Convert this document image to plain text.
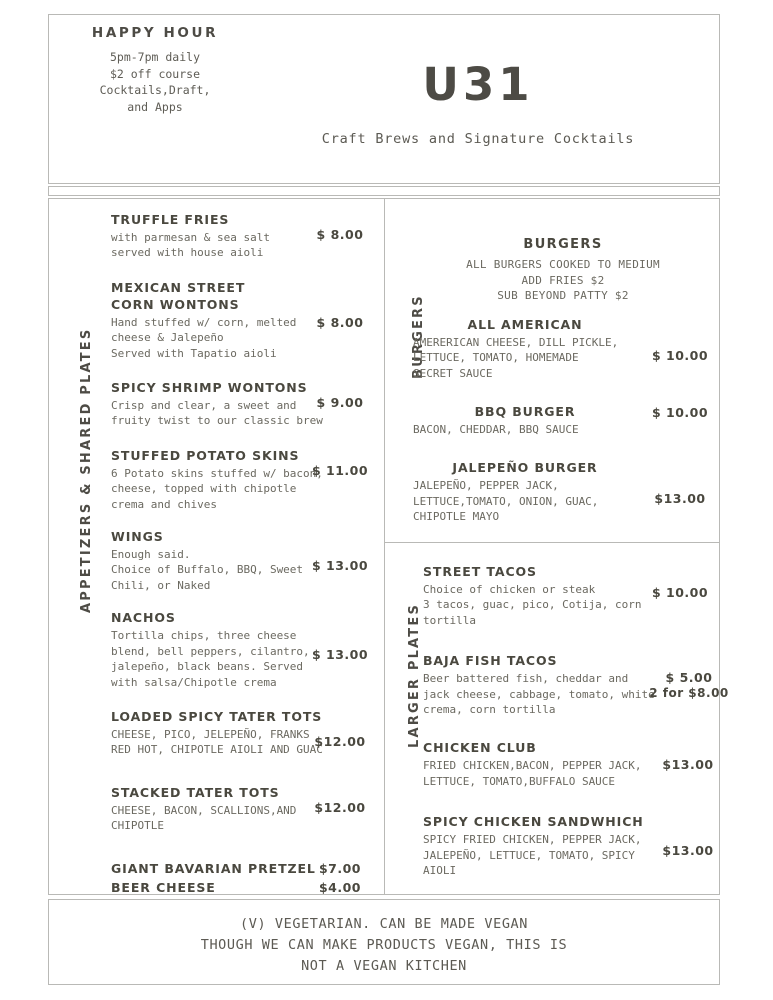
HAPPY HOUR
5pm-7pm daily
$2 off course
Cocktails,Draft,
and Apps	U31
Craft Brews and Signature Cocktails
APPETIZERS & SHARED PLATES
TRUFFLE FRIES
with parmesan & sea salt
served with house aioli
$ 8.00
MEXICAN STREET
CORN WONTONS
Hand stuffed w/ corn, melted
cheese & Jalepeño
Served with Tapatio aioli
$ 8.00
SPICY SHRIMP WONTONS
Crisp and clear, a sweet and
fruity twist to our classic brew
$ 9.00
STUFFED POTATO SKINS
6 Potato skins stuffed w/ bacon,
cheese, topped with chipotle
crema and chives
$ 11.00
WINGS
Enough said.
Choice of Buffalo, BBQ, Sweet
Chili, or Naked
$ 13.00
NACHOS
Tortilla chips, three cheese
blend, bell peppers, cilantro,
jalepeño, black beans. Served
with salsa/Chipotle crema
$ 13.00
LOADED SPICY TATER TOTS
CHEESE, PICO, JELEPEÑO, FRANKS
RED HOT, CHIPOTLE AIOLI AND GUAC
$12.00
STACKED TATER TOTS
CHEESE, BACON, SCALLIONS,AND
CHIPOTLE
$12.00
GIANT BAVARIAN PRETZEL $7.00
BEER CHEESE	$4.00
BURGERS
BURGERS
ALL BURGERS COOKED TO MEDIUM
ADD FRIES $2
SUB BEYOND PATTY $2
ALL AMERICAN
AMERERICAN CHEESE, DILL PICKLE,
LETTUCE, TOMATO, HOMEMADE
SECRET SAUCE
$ 10.00
BBQ BURGER
BACON, CHEDDAR, BBQ SAUCE
$ 10.00
JALEPEÑO BURGER
JALEPEÑO, PEPPER JACK,
LETTUCE,TOMATO, ONION, GUAC,
CHIPOTLE MAYO
$13.00
LARGER PLATES
STREET TACOS
Choice of chicken or steak
3 tacos, guac, pico, Cotija, corn
tortilla
$ 10.00
BAJA FISH TACOS
Beer battered fish, cheddar and
jack cheese, cabbage, tomato, white
crema, corn tortilla
$ 5.00
2 for $8.00
CHICKEN CLUB
FRIED CHICKEN,BACON, PEPPER JACK,
LETTUCE, TOMATO,BUFFALO SAUCE
$13.00
SPICY CHICKEN SANDWHICH
SPICY FRIED CHICKEN, PEPPER JACK,
JALEPEÑO, LETTUCE, TOMATO, SPICY
AIOLI
$13.00
(V) VEGETARIAN. CAN BE MADE VEGAN
THOUGH WE CAN MAKE PRODUCTS VEGAN, THIS IS
NOT A VEGAN KITCHEN
